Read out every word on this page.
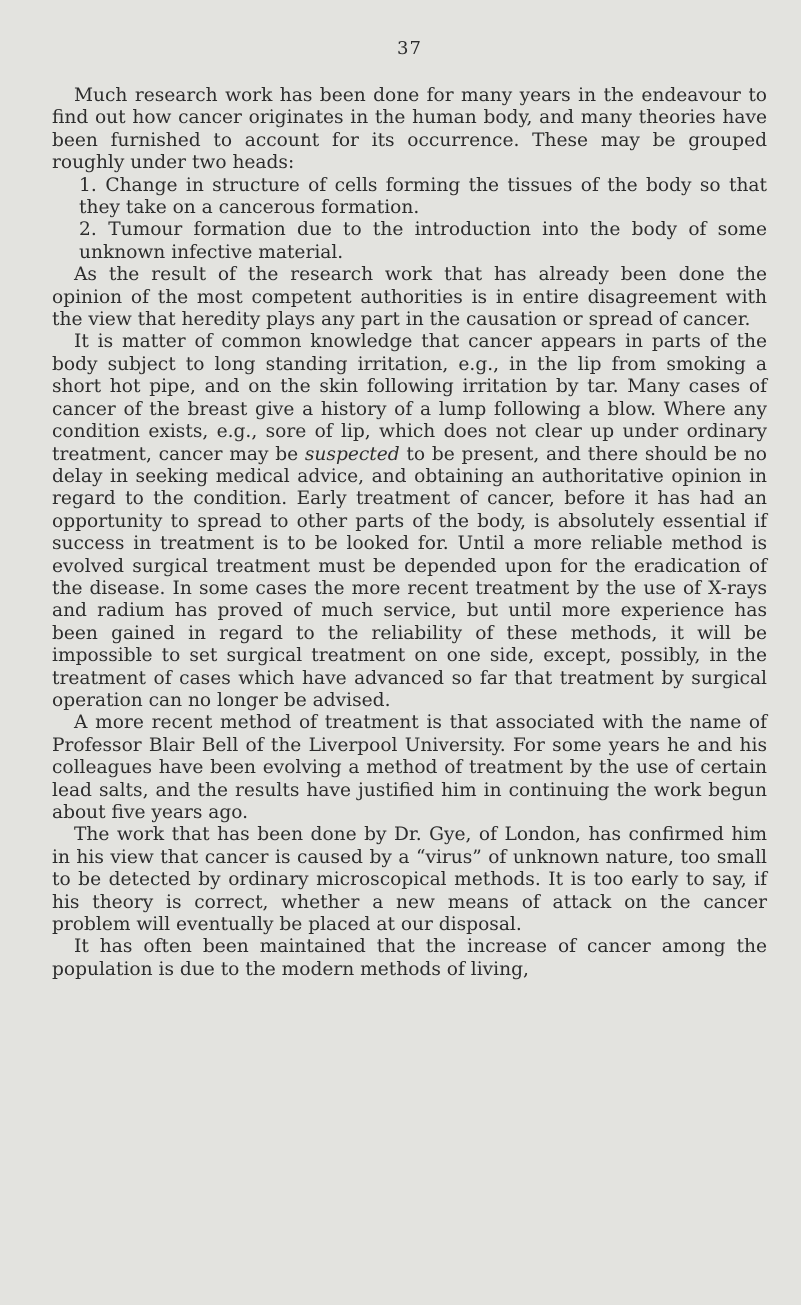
37

Much research work has been done for many years in the endeavour to find out how cancer originates in the human body, and many theories have been furnished to account for its occurrence. These may be grouped roughly under two heads:

1. Change in structure of cells forming the tissues of the body so that they take on a cancerous formation.

2. Tumour formation due to the introduction into the body of some unknown infective material.

As the result of the research work that has already been done the opinion of the most competent authorities is in entire disagreement with the view that heredity plays any part in the causation or spread of cancer.

It is matter of common knowledge that cancer appears in parts of the body subject to long standing irritation, e.g., in the lip from smoking a short hot pipe, and on the skin following irritation by tar. Many cases of cancer of the breast give a history of a lump following a blow. Where any condition exists, e.g., sore of lip, which does not clear up under ordinary treatment, cancer may be suspected to be present, and there should be no delay in seeking medical advice, and obtaining an authoritative opinion in regard to the condition. Early treatment of cancer, before it has had an opportunity to spread to other parts of the body, is absolutely essential if success in treatment is to be looked for. Until a more reliable method is evolved surgical treatment must be depended upon for the eradication of the disease. In some cases the more recent treatment by the use of X-rays and radium has proved of much service, but until more experience has been gained in regard to the reliability of these methods, it will be impossible to set surgical treatment on one side, except, possibly, in the treatment of cases which have advanced so far that treatment by surgical operation can no longer be advised.

A more recent method of treatment is that associated with the name of Professor Blair Bell of the Liverpool University. For some years he and his colleagues have been evolving a method of treatment by the use of certain lead salts, and the results have justified him in continuing the work begun about five years ago.

The work that has been done by Dr. Gye, of London, has confirmed him in his view that cancer is caused by a “virus” of unknown nature, too small to be detected by ordinary microscopical methods. It is too early to say, if his theory is correct, whether a new means of attack on the cancer problem will eventually be placed at our disposal.

It has often been maintained that the increase of cancer among the population is due to the modern methods of living,
